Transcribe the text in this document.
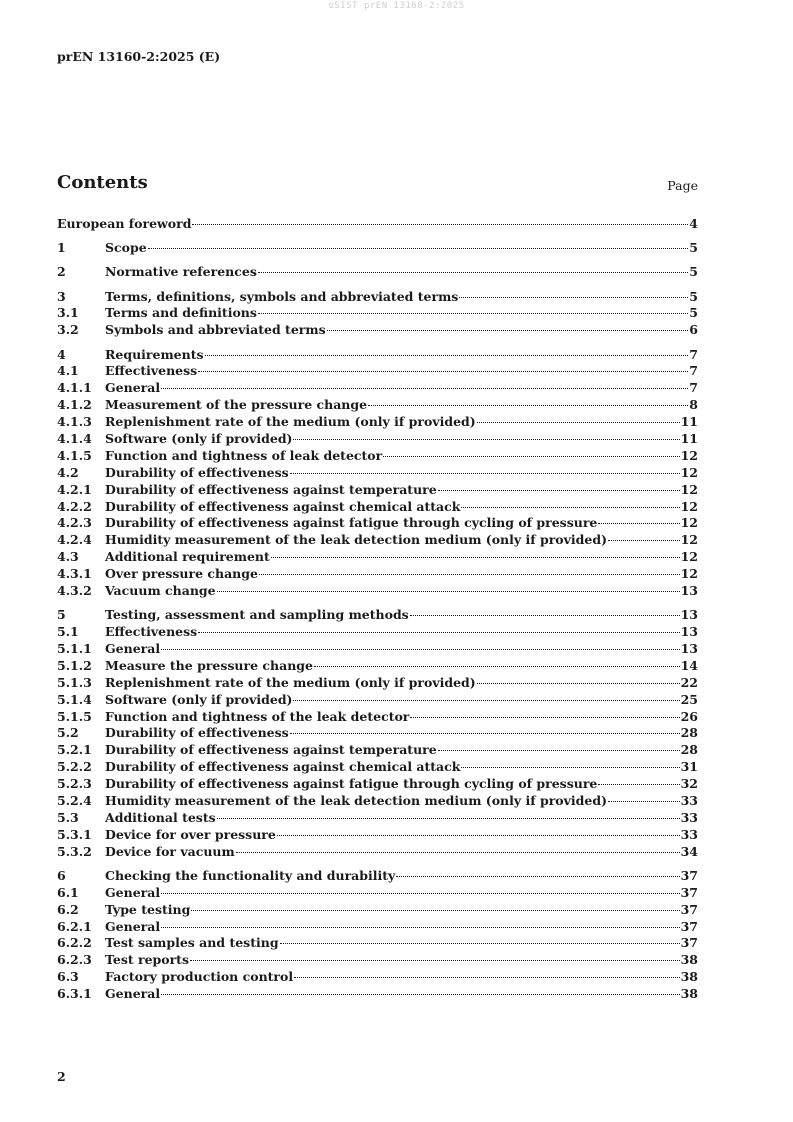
oSIST prEN 13160-2:2025
prEN 13160-2:2025 (E)
Contents	Page
European foreword	4
1	Scope	5
2	Normative references	5
3	Terms, definitions, symbols and abbreviated terms	5
3.1	Terms and definitions	5
3.2	Symbols and abbreviated terms	6
4	Requirements	7
4.1	Effectiveness	7
4.1.1	General	7
4.1.2	Measurement of the pressure change	8
4.1.3	Replenishment rate of the medium (only if provided)	11
4.1.4	Software (only if provided)	11
4.1.5	Function and tightness of leak detector	12
4.2	Durability of effectiveness	12
4.2.1	Durability of effectiveness against temperature	12
4.2.2	Durability of effectiveness against chemical attack	12
4.2.3	Durability of effectiveness against fatigue through cycling of pressure	12
4.2.4	Humidity measurement of the leak detection medium (only if provided)	12
4.3	Additional requirement	12
4.3.1	Over pressure change	12
4.3.2	Vacuum change	13
5	Testing, assessment and sampling methods	13
5.1	Effectiveness	13
5.1.1	General	13
5.1.2	Measure the pressure change	14
5.1.3	Replenishment rate of the medium (only if provided)	22
5.1.4	Software (only if provided)	25
5.1.5	Function and tightness of the leak detector	26
5.2	Durability of effectiveness	28
5.2.1	Durability of effectiveness against temperature	28
5.2.2	Durability of effectiveness against chemical attack	31
5.2.3	Durability of effectiveness against fatigue through cycling of pressure	32
5.2.4	Humidity measurement of the leak detection medium (only if provided)	33
5.3	Additional tests	33
5.3.1	Device for over pressure	33
5.3.2	Device for vacuum	34
6	Checking the functionality and durability	37
6.1	General	37
6.2	Type testing	37
6.2.1	General	37
6.2.2	Test samples and testing	37
6.2.3	Test reports	38
6.3	Factory production control	38
6.3.1	General	38
2
